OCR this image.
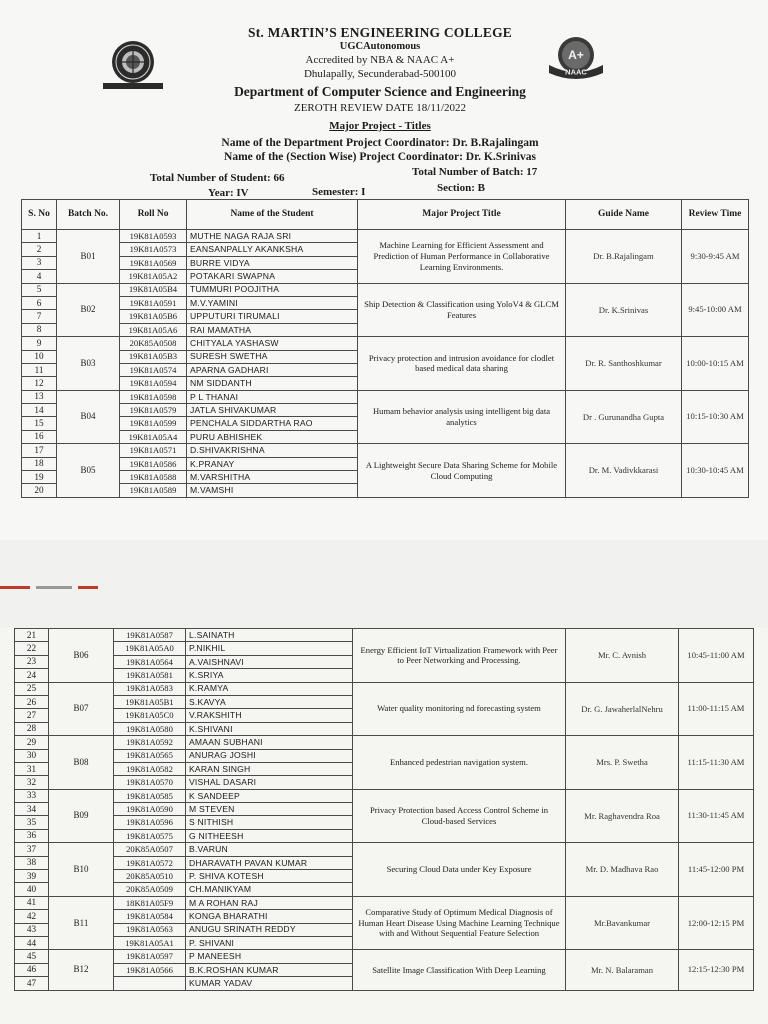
A+
NAAC
St. MARTIN’S ENGINEERING COLLEGE
UGCAutonomous
Accredited by NBA & NAAC A+
Dhulapally, Secunderabad-500100
Department of Computer Science and Engineering
ZEROTH REVIEW DATE 18/11/2022
Major Project - Titles
Name of the Department Project Coordinator: Dr. B.Rajalingam
Name of the (Section Wise) Project Coordinator: Dr. K.Srinivas
Total Number of Student: 66	Total Number of Batch: 17
Year: IV	Semester: I	Section: B
S. No	Batch No.	Roll No	Name of the Student	Major Project Title	Guide Name	Review Time
1	B01	19K81A0593	MUTHE NAGA RAJA SRI	Machine Learning for Efficient Assessment and Prediction of Human Performance in Collaborative Learning Environments.	Dr. B.Rajalingam	9:30-9:45 AM
2		19K81A0573	EANSANPALLY AKANKSHA			
3		19K81A0569	BURRE VIDYA			
4		19K81A05A2	POTAKARI SWAPNA			
5	B02	19K81A05B4	TUMMURI POOJITHA	Ship Detection & Classification using YoloV4 & GLCM Features	Dr. K.Srinivas	9:45-10:00 AM
6		19K81A0591	M.V.YAMINI			
7		19K81A05B6	UPPUTURI TIRUMALI			
8		19K81A05A6	RAI MAMATHA			
9	B03	20K85A0508	CHITYALA YASHASW	Privacy protection and intrusion avoidance for clodlet based medical data sharing	Dr. R. Santhoshkumar	10:00-10:15 AM
10		19K81A05B3	SURESH SWETHA			
11		19K81A0574	APARNA GADHARI			
12		19K81A0594	NM SIDDANTH			
13	B04	19K81A0598	P L THANAI	Humam behavior analysis using intelligent big data analytics	Dr . Gurunandha Gupta	10:15-10:30 AM
14		19K81A0579	JATLA SHIVAKUMAR			
15		19K81A0599	PENCHALA SIDDARTHA RAO			
16		19K81A05A4	PURU ABHISHEK			
17	B05	19K81A0571	D.SHIVAKRISHNA	A Lightweight Secure Data Sharing Scheme for Mobile Cloud Computing	Dr. M. Vadivkkarasi	10:30-10:45 AM
18		19K81A0586	K.PRANAY			
19		19K81A0588	M.VARSHITHA			
20		19K81A0589	M.VAMSHI			
21	B06	19K81A0587	L.SAINATH	Energy Efficient IoT Virtualization Framework with Peer to Peer Networking and Processing.	Mr. C. Avnish	10:45-11:00 AM
22		19K81A05A0	P.NIKHIL			
23		19K81A0564	A.VAISHNAVI			
24		19K81A0581	K.SRIYA			
25	B07	19K81A0583	K.RAMYA	Water quality monitoring nd forecasting system	Dr. G. JawaherlalNehru	11:00-11:15 AM
26		19K81A05B1	S.KAVYA			
27		19K81A05C0	V.RAKSHITH			
28		19K81A0580	K.SHIVANI			
29	B08	19K81A0592	AMAAN SUBHANI	Enhanced pedestrian navigation system.	Mrs. P. Swetha	11:15-11:30 AM
30		19K81A0565	ANURAG JOSHI			
31		19K81A0582	KARAN SINGH			
32		19K81A0570	VISHAL DASARI			
33	B09	19K81A0585	K SANDEEP	Privacy Protection based Access Control Scheme in Cloud-based Services	Mr. Raghavendra Roa	11:30-11:45 AM
34		19K81A0590	M STEVEN			
35		19K81A0596	S NITHISH			
36		19K81A0575	G NITHEESH			
37	B10	20K85A0507	B.VARUN	Securing Cloud Data under Key Exposure	Mr. D. Madhava Rao	11:45-12:00 PM
38		19K81A0572	DHARAVATH PAVAN KUMAR			
39		20K85A0510	P. SHIVA KOTESH			
40		20K85A0509	CH.MANIKYAM			
41	B11	18K81A05F9	M A ROHAN RAJ	Comparative Study of Optimum Medical Diagnosis of Human Heart Disease Using Machine Learning Technique with and Without Sequential Feature Selection	Mr.Bavankumar	12:00-12:15 PM
42		19K81A0584	KONGA BHARATHI			
43		19K81A0563	ANUGU SRINATH REDDY			
44		19K81A05A1	P. SHIVANI			
45	B12	19K81A0597	P MANEESH	Satellite Image Classification With Deep Learning	Mr. N. Balaraman	12:15-12:30 PM
46		19K81A0566	B.K.ROSHAN KUMAR			
47			KUMAR YADAV			
